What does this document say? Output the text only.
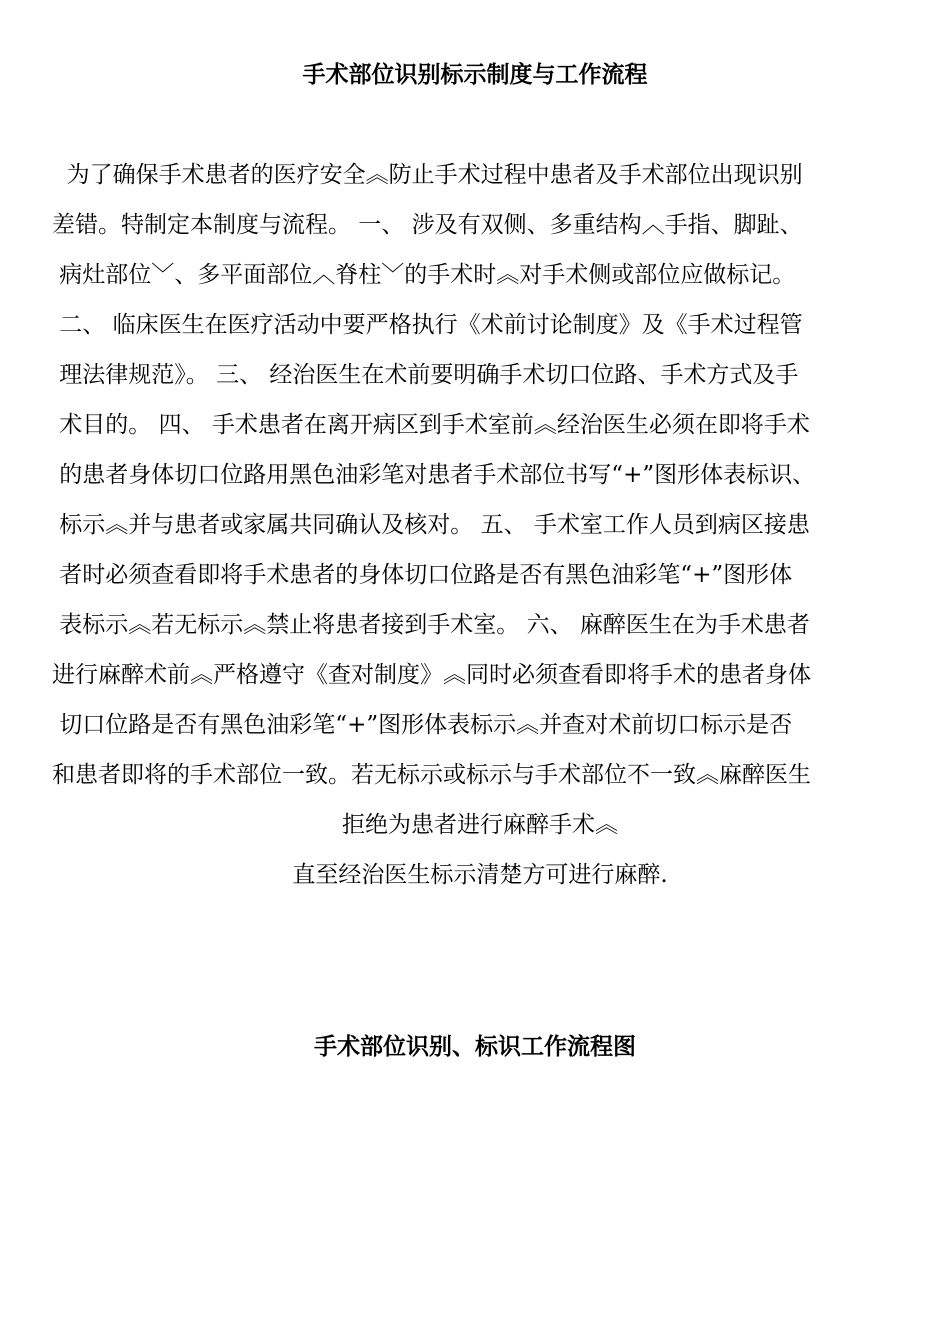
手术部位识别标示制度与工作流程
为了确保手术患者的医疗安全︽防止手术过程中患者及手术部位出现识别
差错。特制定本制度与流程。 一、 涉及有双侧、多重结构︿手指、脚趾、
病灶部位﹀、多平面部位︿脊柱﹀的手术时︽对手术侧或部位应做标记。
二、 临床医生在医疗活动中要严格执行《术前讨论制度》及《手术过程管
理法律规范》。 三、 经治医生在术前要明确手术切口位路、手术方式及手
术目的。 四、 手术患者在离开病区到手术室前︽经治医生必须在即将手术
的患者身体切口位路用黑色油彩笔对患者手术部位书写“+”图形体表标识、
标示︽并与患者或家属共同确认及核对。 五、 手术室工作人员到病区接患
者时必须查看即将手术患者的身体切口位路是否有黑色油彩笔“+”图形体
表标示︽若无标示︽禁止将患者接到手术室。 六、 麻醉医生在为手术患者
进行麻醉术前︽严格遵守《查对制度》︽同时必须查看即将手术的患者身体
切口位路是否有黑色油彩笔“+”图形体表标示︽并查对术前切口标示是否
和患者即将的手术部位一致。若无标示或标示与手术部位不一致︽麻醉医生
拒绝为患者进行麻醉手术︽
直至经治医生标示清楚方可进行麻醉.
手术部位识别、标识工作流程图
